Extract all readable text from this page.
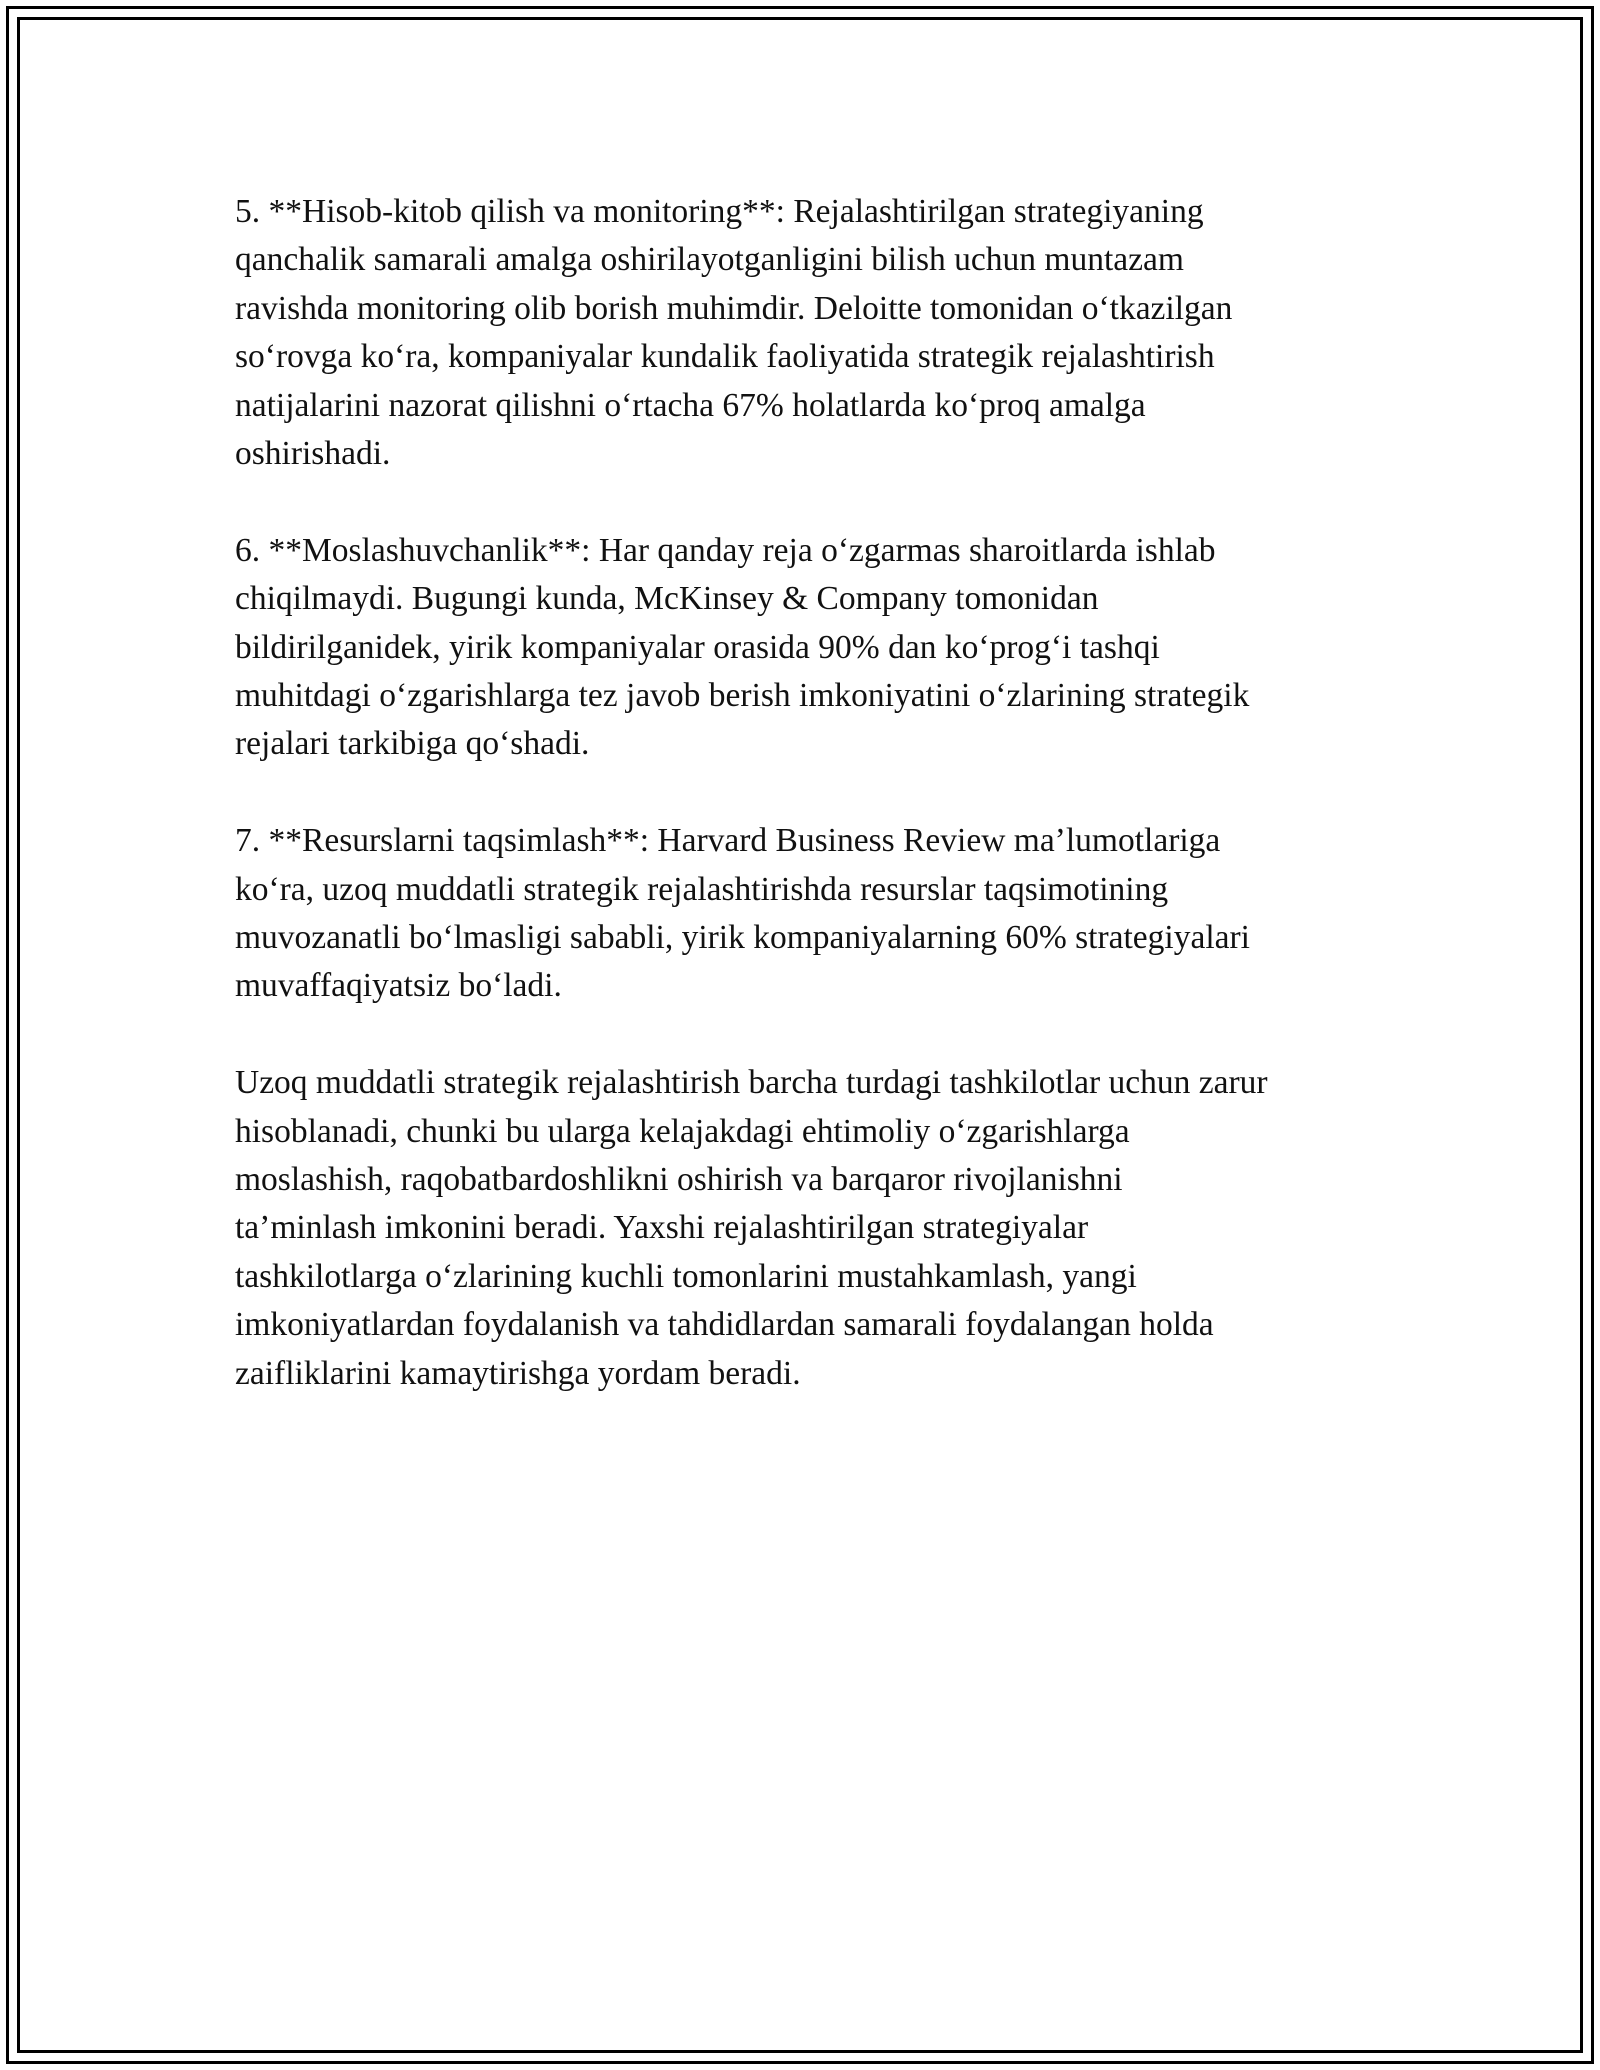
5. **Hisob-kitob qilish va monitoring**: Rejalashtirilgan strategiyaning
qanchalik samarali amalga oshirilayotganligini bilish uchun muntazam
ravishda monitoring olib borish muhimdir. Deloitte tomonidan o‘tkazilgan
so‘rovga ko‘ra, kompaniyalar kundalik faoliyatida strategik rejalashtirish
natijalarini nazorat qilishni o‘rtacha 67% holatlarda ko‘proq amalga
oshirishadi.

6. **Moslashuvchanlik**: Har qanday reja o‘zgarmas sharoitlarda ishlab
chiqilmaydi. Bugungi kunda, McKinsey & Company tomonidan
bildirilganidek, yirik kompaniyalar orasida 90% dan ko‘prog‘i tashqi
muhitdagi o‘zgarishlarga tez javob berish imkoniyatini o‘zlarining strategik
rejalari tarkibiga qo‘shadi.

7. **Resurslarni taqsimlash**: Harvard Business Review ma’lumotlariga
ko‘ra, uzoq muddatli strategik rejalashtirishda resurslar taqsimotining
muvozanatli bo‘lmasligi sababli, yirik kompaniyalarning 60% strategiyalari
muvaffaqiyatsiz bo‘ladi.

Uzoq muddatli strategik rejalashtirish barcha turdagi tashkilotlar uchun zarur
hisoblanadi, chunki bu ularga kelajakdagi ehtimoliy o‘zgarishlarga
moslashish, raqobatbardoshlikni oshirish va barqaror rivojlanishni
ta’minlash imkonini beradi. Yaxshi rejalashtirilgan strategiyalar
tashkilotlarga o‘zlarining kuchli tomonlarini mustahkamlash, yangi
imkoniyatlardan foydalanish va tahdidlardan samarali foydalangan holda
zaifliklarini kamaytirishga yordam beradi.
